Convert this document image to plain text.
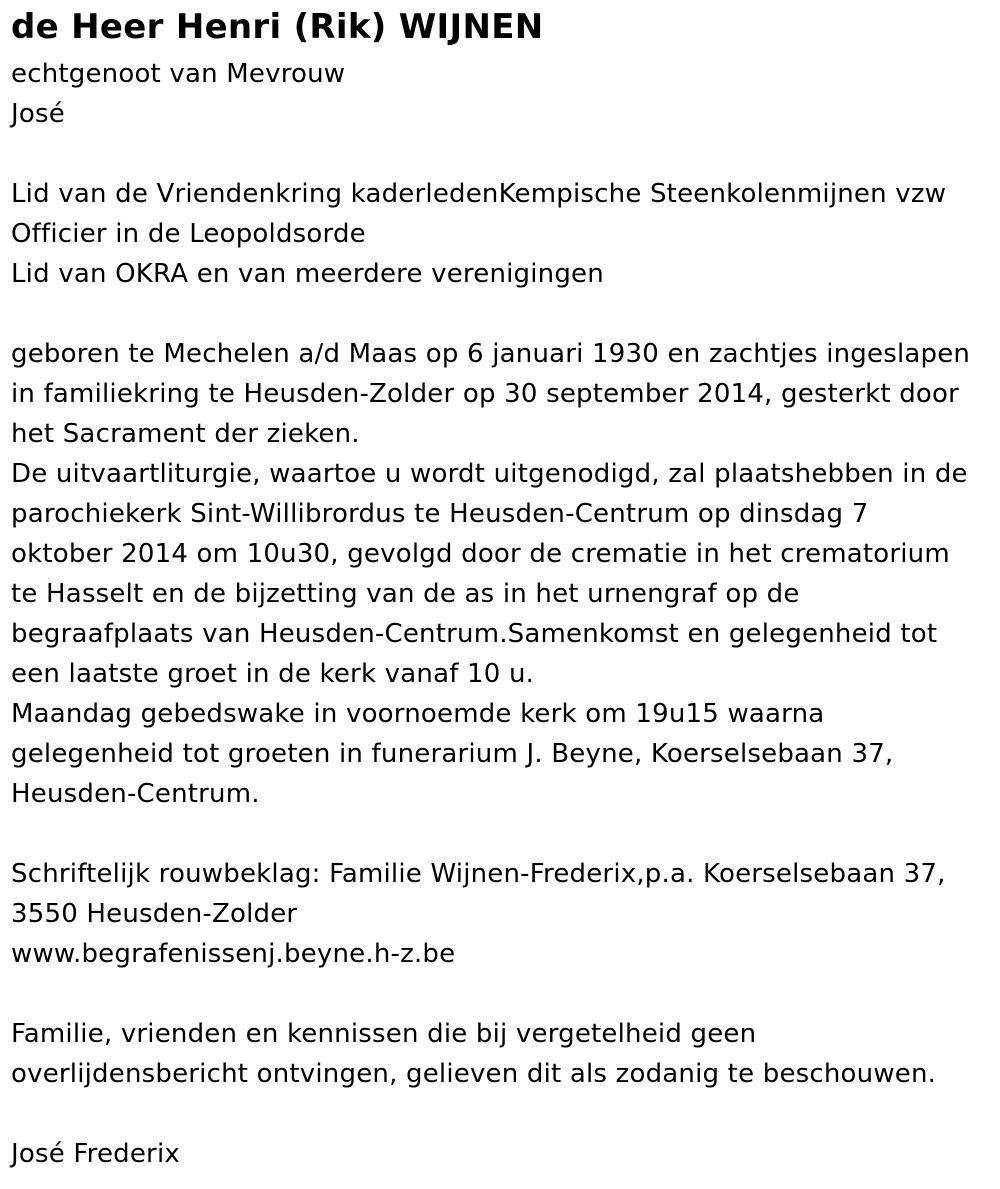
de Heer Henri (Rik) WIJNEN
echtgenoot van Mevrouw
José
Lid van de Vriendenkring kaderledenKempische Steenkolenmijnen vzw
Officier in de Leopoldsorde
Lid van OKRA en van meerdere verenigingen
geboren te Mechelen a/d Maas op 6 januari 1930 en zachtjes ingeslapen
in familiekring te Heusden-Zolder op 30 september 2014, gesterkt door
het Sacrament der zieken.
De uitvaartliturgie, waartoe u wordt uitgenodigd, zal plaatshebben in de
parochiekerk Sint-Willibrordus te Heusden-Centrum op dinsdag 7
oktober 2014 om 10u30, gevolgd door de crematie in het crematorium
te Hasselt en de bijzetting van de as in het urnengraf op de
begraafplaats van Heusden-Centrum.Samenkomst en gelegenheid tot
een laatste groet in de kerk vanaf 10 u.
Maandag gebedswake in voornoemde kerk om 19u15 waarna
gelegenheid tot groeten in funerarium J. Beyne, Koerselsebaan 37,
Heusden-Centrum.
Schriftelijk rouwbeklag: Familie Wijnen-Frederix,p.a. Koerselsebaan 37,
3550 Heusden-Zolder
www.begrafenissenj.beyne.h-z.be
Familie, vrienden en kennissen die bij vergetelheid geen
overlijdensbericht ontvingen, gelieven dit als zodanig te beschouwen.
José Frederix
